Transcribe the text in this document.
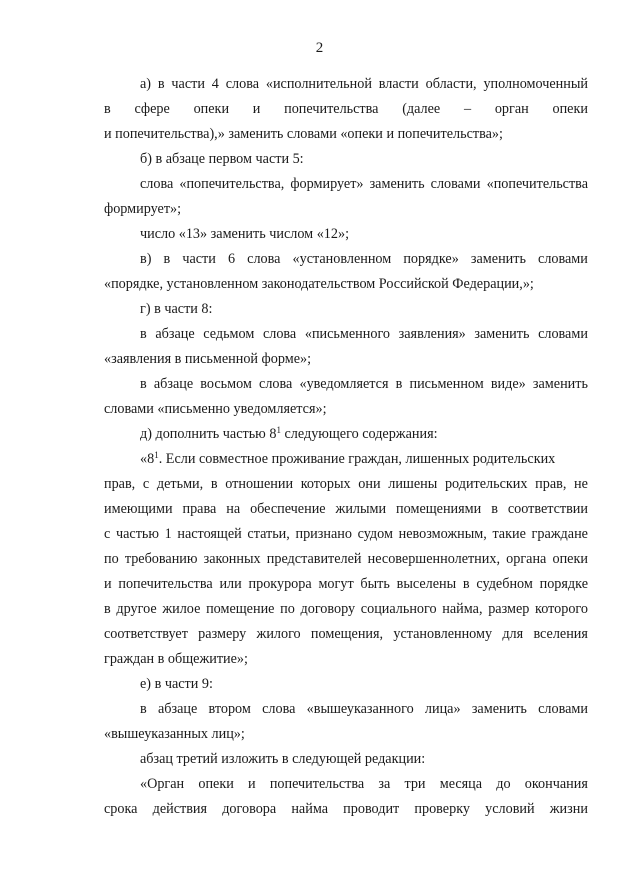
2
а) в части 4 слова «исполнительной власти области, уполномоченный
в сфере опеки и попечительства (далее – орган опеки
и попечительства),» заменить словами «опеки и попечительства»;
б) в абзаце первом части 5:
слова «попечительства, формирует» заменить словами «попечительства
формирует»;
число «13» заменить числом «12»;
в) в части 6 слова «установленном порядке» заменить словами
«порядке, установленном законодательством Российской Федерации,»;
г) в части 8:
в абзаце седьмом слова «письменного заявления» заменить словами
«заявления в письменной форме»;
в абзаце восьмом слова «уведомляется в письменном виде» заменить
словами «письменно уведомляется»;
д) дополнить частью $8^1$ следующего содержания:
«$8^1$. Если совместное проживание граждан, лишенных родительских
прав, с детьми, в отношении которых они лишены родительских прав, не
имеющими права на обеспечение жилыми помещениями в соответствии
с частью 1 настоящей статьи, признано судом невозможным, такие граждане
по требованию законных представителей несовершеннолетних, органа опеки
и попечительства или прокурора могут быть выселены в судебном порядке
в другое жилое помещение по договору социального найма, размер которого
соответствует размеру жилого помещения, установленному для вселения
граждан в общежитие»;
е) в части 9:
в абзаце втором слова «вышеуказанного лица» заменить словами
«вышеуказанных лиц»;
абзац третий изложить в следующей редакции:
«Орган опеки и попечительства за три месяца до окончания
срока действия договора найма проводит проверку условий жизни
